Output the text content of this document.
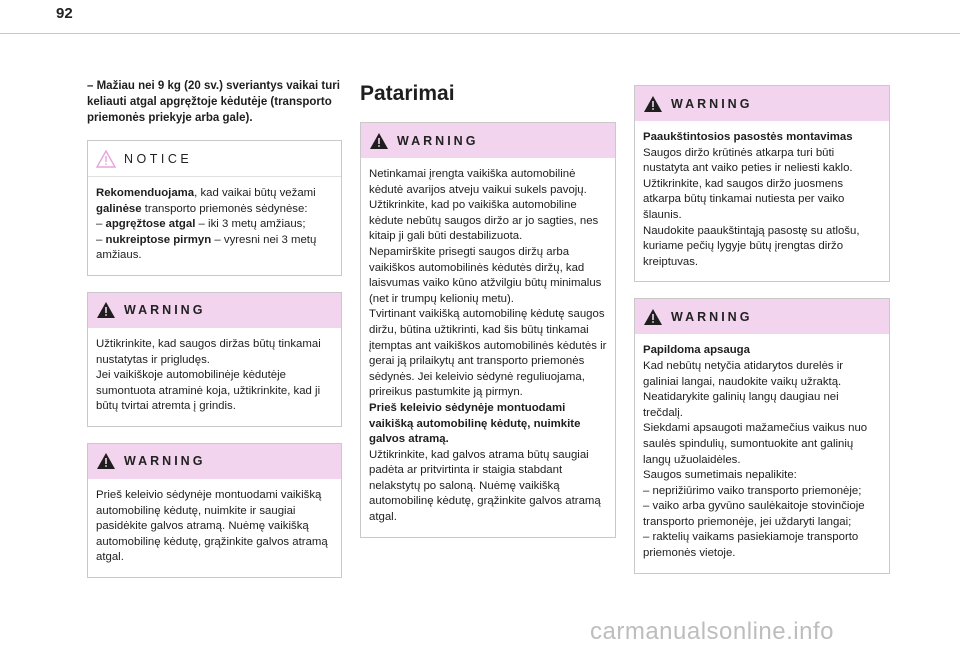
92

– Mažiau nei 9 kg (20 sv.) sveriantys vaikai turi keliauti atgal apgręžtoje kėdutėje (transporto priemonės priekyje arba gale).

NOTICE

Rekomenduojama, kad vaikai būtų vežami galinėse transporto priemonės sėdynėse:

– apgręžtose atgal – iki 3 metų amžiaus;

– nukreiptose pirmyn – vyresni nei 3 metų amžiaus.

WARNING

Užtikrinkite, kad saugos diržas būtų tinkamai nustatytas ir prigludęs.
Jei vaikiškoje automobilinėje kėdutėje sumontuota atraminė koja, užtikrinkite, kad ji būtų tvirtai atremta į grindis.

WARNING

Prieš keleivio sėdynėje montuodami vaikišką automobilinę kėdutę, nuimkite ir saugiai pasidėkite galvos atramą. Nuėmę vaikišką automobilinę kėdutę, grąžinkite galvos atramą atgal.

Patarimai
WARNING

Netinkamai įrengta vaikiška automobilinė kėdutė avarijos atveju vaikui sukels pavojų.
Užtikrinkite, kad po vaikiška automobiline kėdute nebūtų saugos diržo ar jo sagties, nes kitaip ji gali būti destabilizuota.
Nepamirškite prisegti saugos diržų arba vaikiškos automobilinės kėdutės diržų, kad laisvumas vaiko kūno atžvilgiu būtų minimalus (net ir trumpų kelionių metu).
Tvirtinant vaikišką automobilinę kėdutę saugos diržu, būtina užtikrinti, kad šis būtų tinkamai įtemptas ant vaikiškos automobilinės kėdutės ir gerai ją prilaikytų ant transporto priemonės sėdynės. Jei keleivio sėdynė reguliuojama, prireikus pastumkite ją pirmyn.

Prieš keleivio sėdynėje montuodami vaikišką automobilinę kėdutę, nuimkite galvos atramą.

Užtikrinkite, kad galvos atrama būtų saugiai padėta ar pritvirtinta ir staigia stabdant nelakstytų po saloną. Nuėmę vaikišką automobilinę kėdutę, grąžinkite galvos atramą atgal.

WARNING

Paaukštintosios pasostės montavimas

Saugos diržo krūtinės atkarpa turi būti nustatyta ant vaiko peties ir neliesti kaklo.
Užtikrinkite, kad saugos diržo juosmens atkarpa būtų tinkamai nutiesta per vaiko šlaunis.
Naudokite paaukštintąją pasostę su atlošu, kuriame pečių lygyje būtų įrengtas diržo kreiptuvas.

WARNING

Papildoma apsauga

Kad nebūtų netyčia atidarytos durelės ir galiniai langai, naudokite vaikų užraktą.
Neatidarykite galinių langų daugiau nei trečdalį.
Siekdami apsaugoti mažamečius vaikus nuo saulės spindulių, sumontuokite ant galinių langų užuolaidėles.
Saugos sumetimais nepalikite:
– neprižiūrimo vaiko transporto priemonėje;
– vaiko arba gyvūno saulėkaitoje stovinčioje transporto priemonėje, jei uždaryti langai;
– raktelių vaikams pasiekiamoje transporto priemonės vietoje.

carmanualsonline.info
